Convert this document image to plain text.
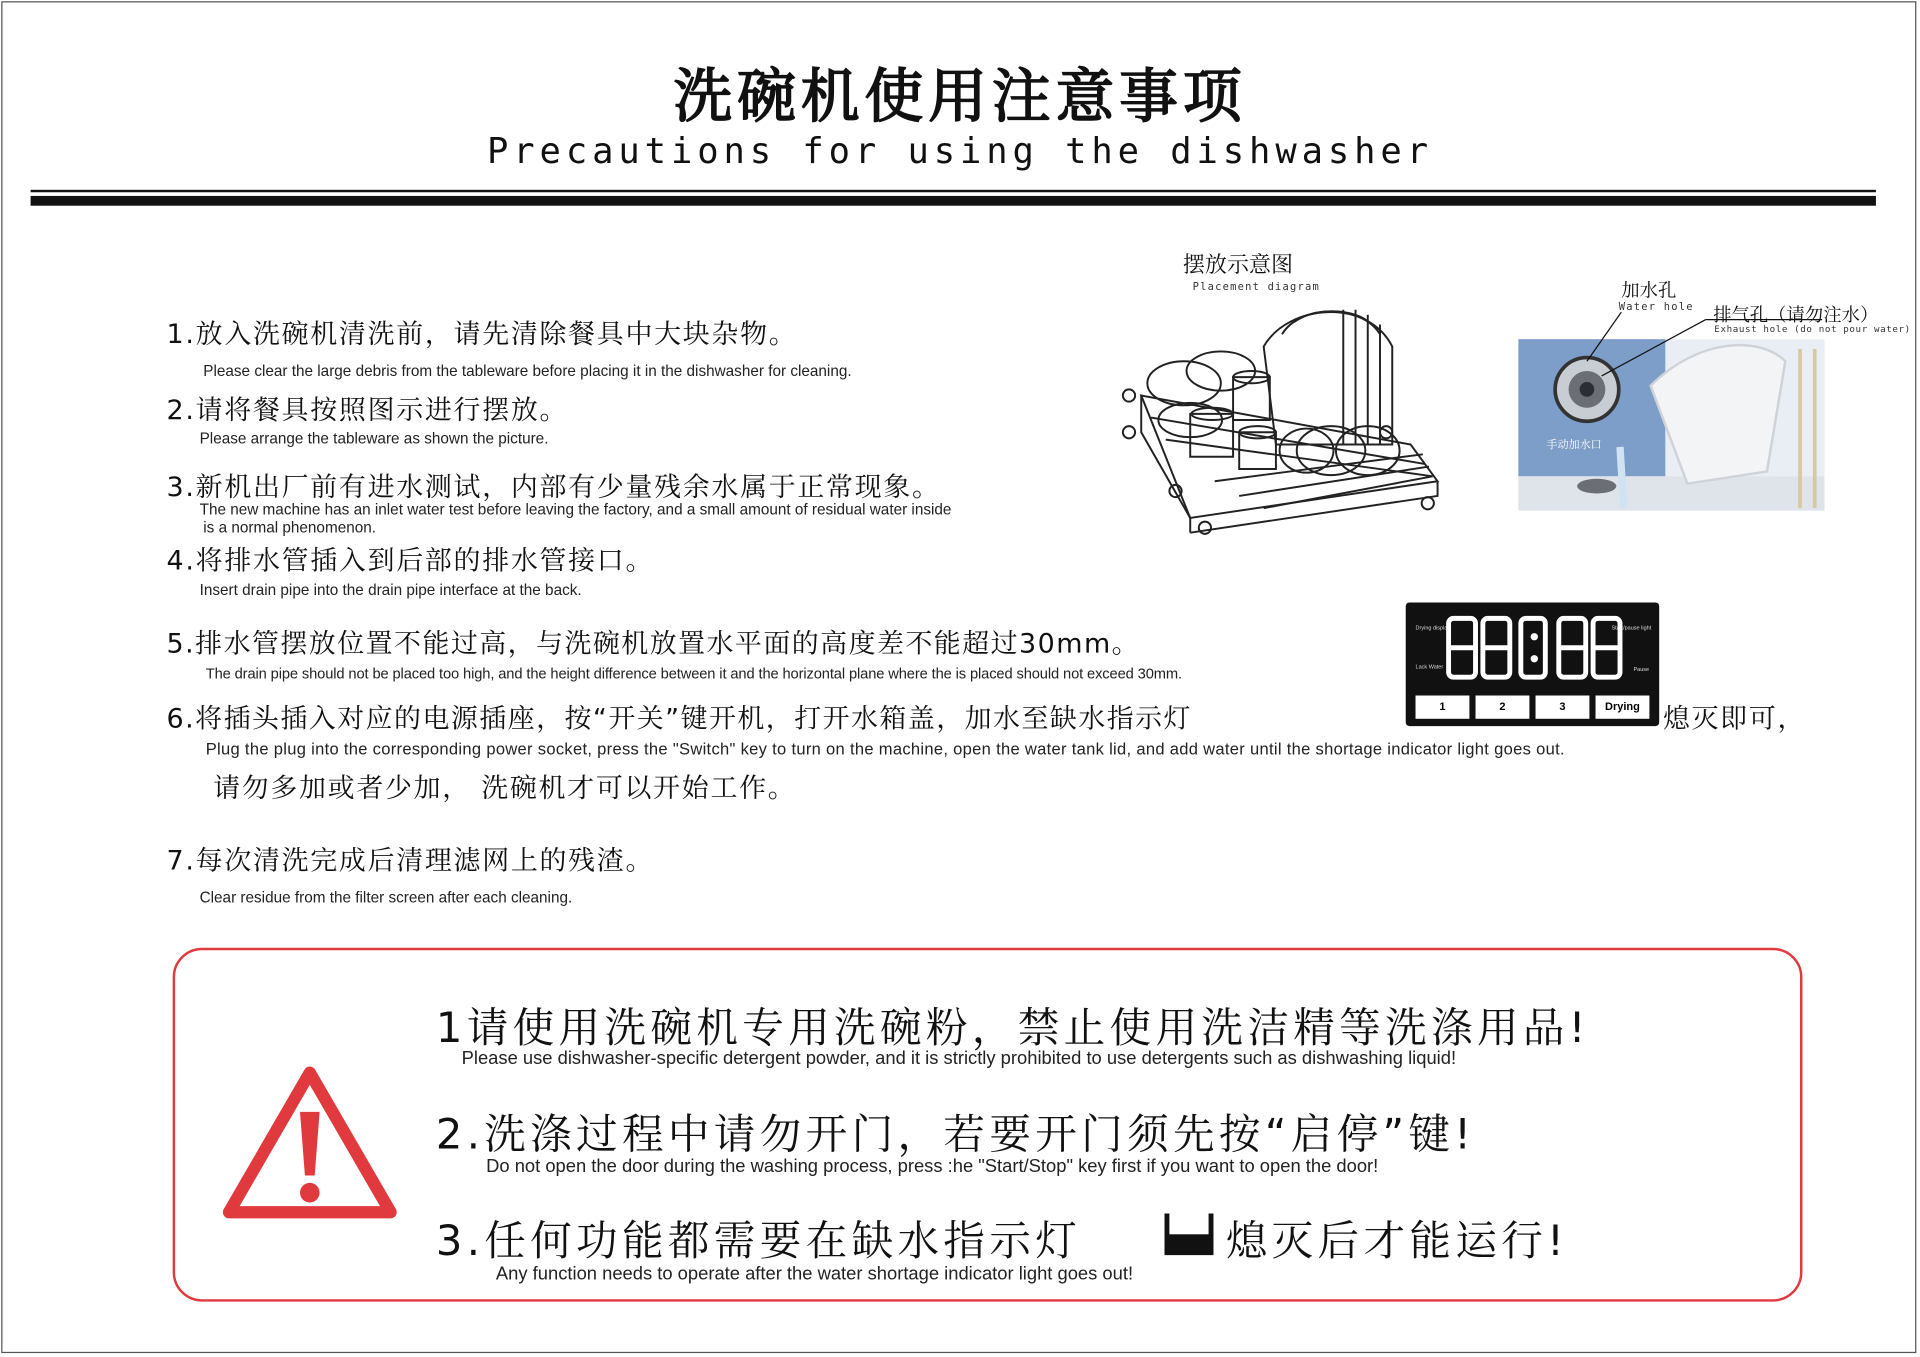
洗碗机使用注意事项
Precautions for using the dishwasher
1.放入洗碗机清洗前，请先清除餐具中大块杂物。
Please clear the large debris from the tableware before placing it in the dishwasher for cleaning.
2.请将餐具按照图示进行摆放。
Please arrange the tableware as shown the picture.
3.新机出厂前有进水测试，内部有少量残余水属于正常现象。
The new machine has an inlet water test before leaving the factory, and a small amount of residual water inside
is a normal phenomenon.
4.将排水管插入到后部的排水管接口。
Insert drain pipe into the drain pipe interface at the back.
5.排水管摆放位置不能过高，与洗碗机放置水平面的高度差不能超过30mm。
The drain pipe should not be placed too high, and the height difference between it and the horizontal plane where the is placed should not exceed 30mm.
6.将插头插入对应的电源插座，按“开关”键开机，打开水箱盖，加水至缺水指示灯	熄灭即可，
Plug the plug into the corresponding power socket, press the "Switch" key to turn on the machine, open the water tank lid, and add water until the shortage indicator light goes out.
请勿多加或者少加， 洗碗机才可以开始工作。
7.每次清洗完成后清理滤网上的残渣。
Clear residue from the filter screen after each cleaning.
摆放示意图
Placement diagram	加水孔
Water hole 排气孔（请勿注水）
Exhaust hole (do not pour water)
手动加水口
Drying display	Start/pause light
Lack Water	Pause
1	2	3	Drying
1请使用洗碗机专用洗碗粉，禁止使用洗洁精等洗涤用品!
Please use dishwasher-specific detergent powder, and it is strictly prohibited to use detergents such as dishwashing liquid!
2.洗涤过程中请勿开门，若要开门须先按“启停”键!
Do not open the door during the washing process, press :he "Start/Stop" key first if you want to open the door!
3.任何功能都需要在缺水指示灯	熄灭后才能运行!
Any function needs to operate after the water shortage indicator light goes out!
